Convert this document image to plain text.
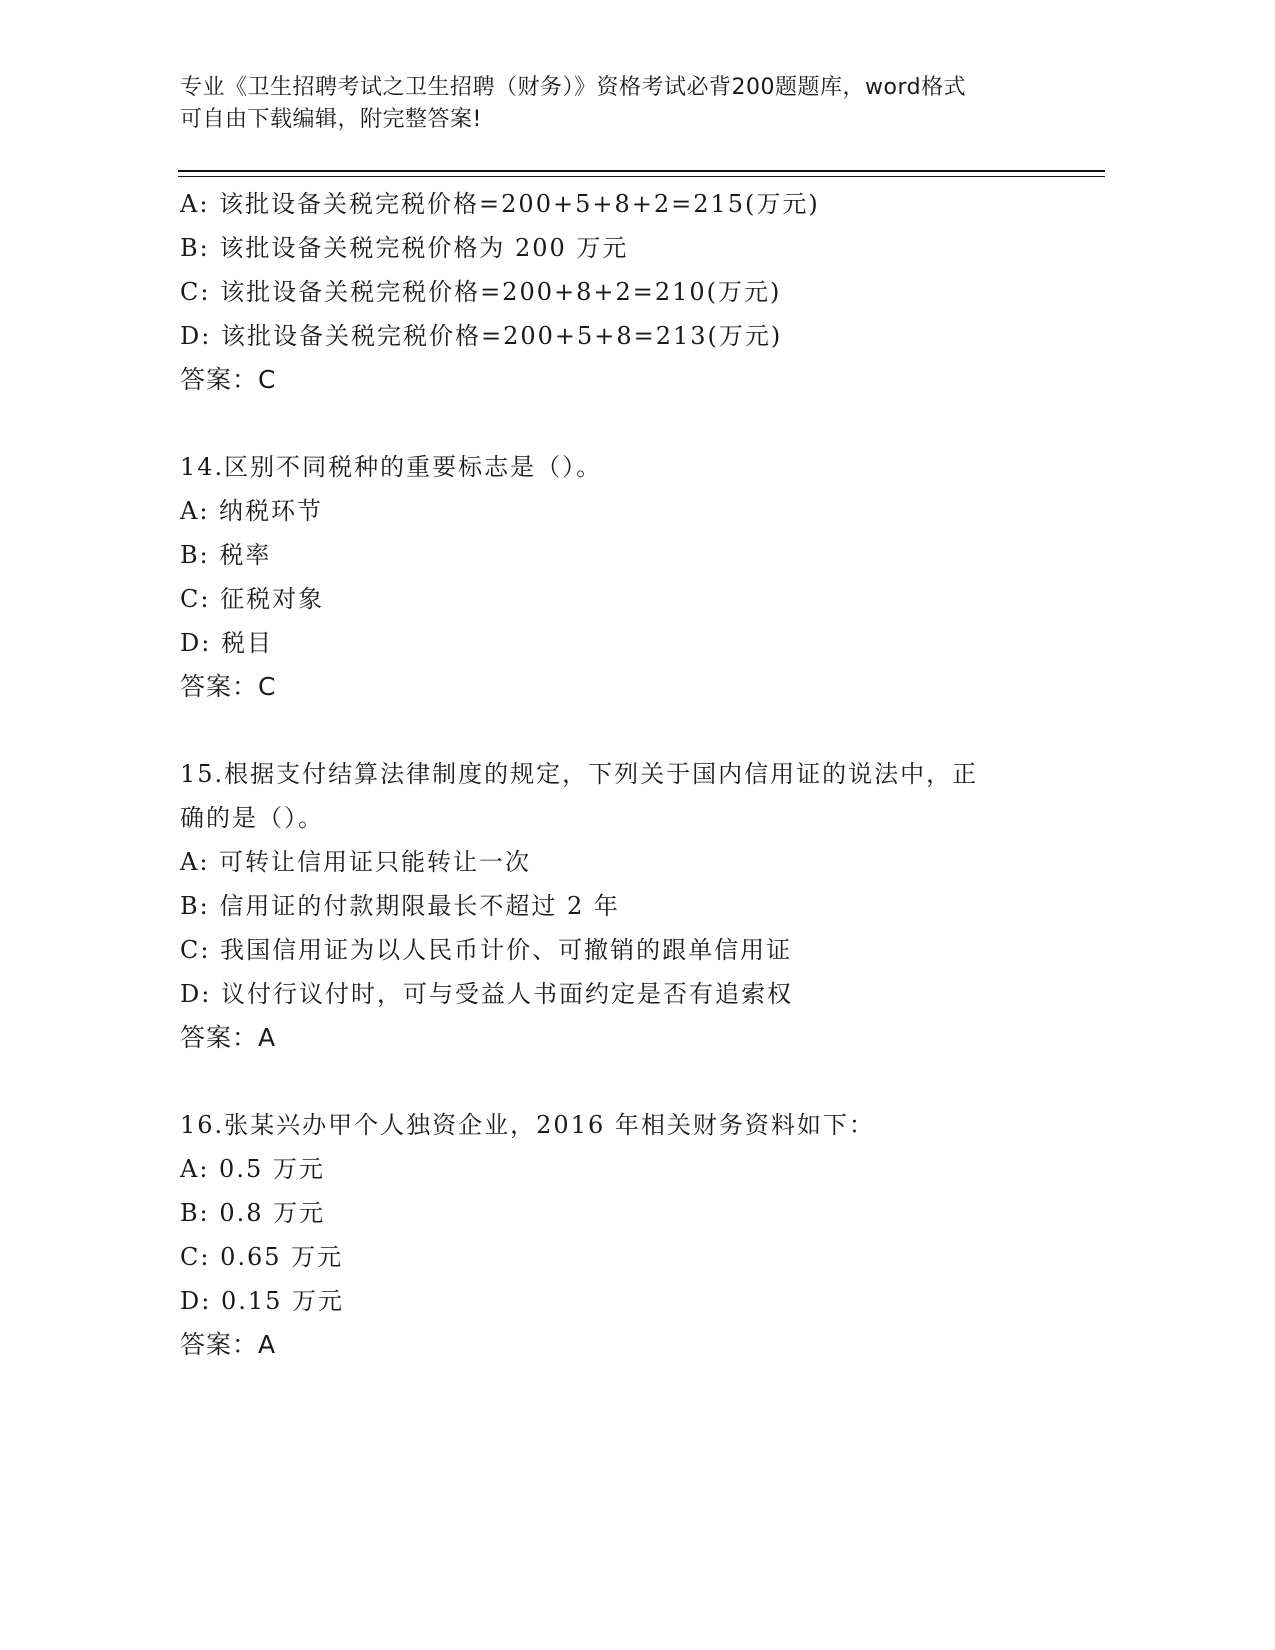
专业《卫生招聘考试之卫生招聘（财务）》资格考试必背200题题库，word格式
可自由下载编辑，附完整答案!
A: 该批设备关税完税价格=200+5+8+2=215(万元)
B: 该批设备关税完税价格为 200 万元
C: 该批设备关税完税价格=200+8+2=210(万元)
D: 该批设备关税完税价格=200+5+8=213(万元)
答案：C
14.区别不同税种的重要标志是（）。
A: 纳税环节
B: 税率
C: 征税对象
D: 税目
答案：C
15.根据支付结算法律制度的规定，下列关于国内信用证的说法中，正
确的是（）。
A: 可转让信用证只能转让一次
B: 信用证的付款期限最长不超过 2 年
C: 我国信用证为以人民币计价、可撤销的跟单信用证
D: 议付行议付时，可与受益人书面约定是否有追索权
答案：A
16.张某兴办甲个人独资企业，2016 年相关财务资料如下：
A: 0.5 万元
B: 0.8 万元
C: 0.65 万元
D: 0.15 万元
答案：A
